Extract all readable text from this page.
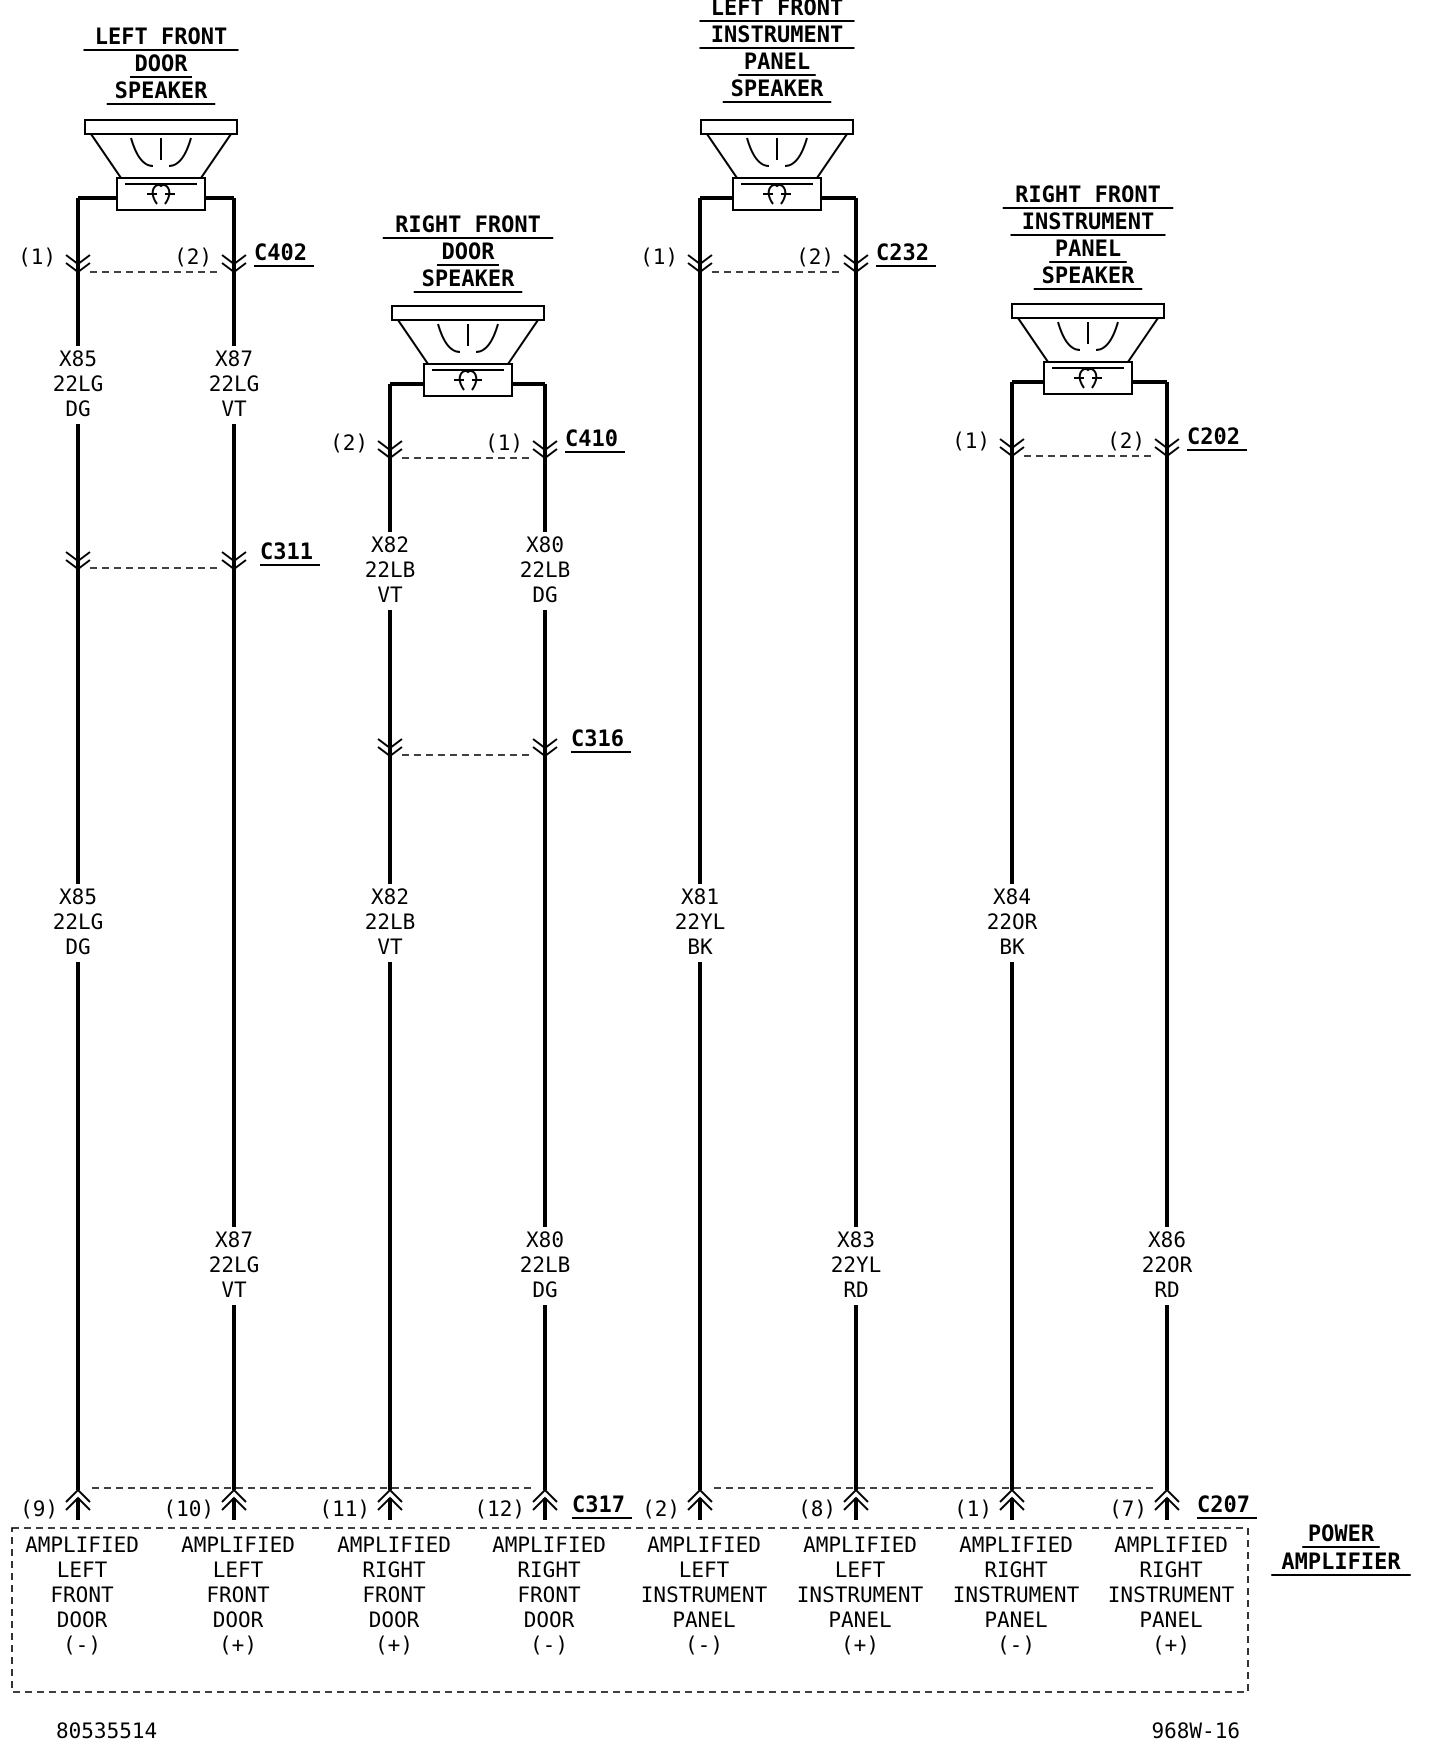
LEFT FRONT
DOOR
SPEAKER
RIGHT FRONT
DOOR
SPEAKER
LEFT FRONT
INSTRUMENT
PANEL
SPEAKER
RIGHT FRONT
INSTRUMENT
PANEL
SPEAKER
(1)	(2) C402
(2)	(1) C410
(1)	(2) C232
(1)	(2) C202
C311
C316
X85
22LG
DG
X87
22LG
VT
X82
22LB
VT
X80
22LB
DG
X85
22LG
DG
X82
22LB
VT
X81
22YL
BK
X84
22OR
BK
X87
22LG
VT
X80
22LB
DG
X83
22YL
RD
X86
22OR
RD
(9)	(10)	(11)	(12)	(2)	(8)	(1)	(7)
C317	C207
POWER
AMPLIFIER
AMPLIFIED
LEFT
FRONT
DOOR
(-)
AMPLIFIED
LEFT
FRONT
DOOR
(+)
AMPLIFIED
RIGHT
FRONT
DOOR
(+)
AMPLIFIED
RIGHT
FRONT
DOOR
(-)
AMPLIFIED
LEFT
INSTRUMENT
PANEL
(-)
AMPLIFIED
LEFT
INSTRUMENT
PANEL
(+)
AMPLIFIED
RIGHT
INSTRUMENT
PANEL
(-)
AMPLIFIED
RIGHT
INSTRUMENT
PANEL
(+)
80535514	968W-16
